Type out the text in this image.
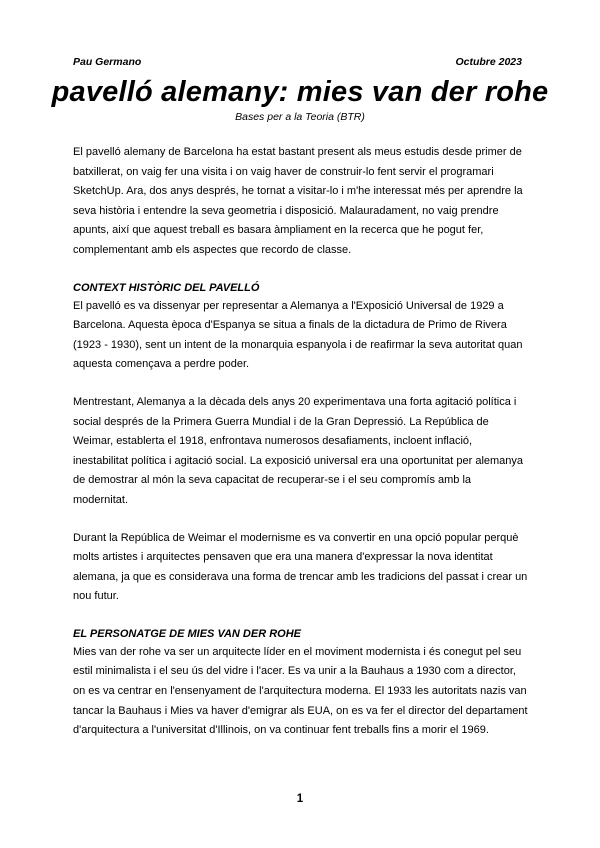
Pau Germano	Octubre 2023
pavelló alemany: mies van der rohe
Bases per a la Teoria (BTR)

El pavelló alemany de Barcelona ha estat bastant present als meus estudis desde primer de batxillerat, on vaig fer una visita i on vaig haver de construir-lo fent servir el programari SketchUp. Ara, dos anys després, he tornat a visitar-lo i m'he interessat més per aprendre la seva història i entendre la seva geometria i disposició. Malauradament, no vaig prendre apunts, així que aquest treball es basara àmpliament en la recerca que he pogut fer, complementant amb els aspectes que recordo de classe.

CONTEXT HISTÒRIC DEL PAVELLÓ

El pavelló es va dissenyar per representar a Alemanya a l'Exposició Universal de 1929 a Barcelona. Aquesta època d'Espanya se situa a finals de la dictadura de Primo de Rivera (1923 - 1930), sent un intent de la monarquia espanyola i de reafirmar la seva autoritat quan aquesta començava a perdre poder.

Mentrestant, Alemanya a la dècada dels anys 20 experimentava una forta agitació política i social després de la Primera Guerra Mundial i de la Gran Depressió. La República de Weimar, establerta el 1918, enfrontava numerosos desafiaments, incloent inflació, inestabilitat política i agitació social. La exposició universal era una oportunitat per alemanya de demostrar al món la seva capacitat de recuperar-se i el seu compromís amb la modernitat.

Durant la República de Weimar el modernisme es va convertir en una opció popular perquè molts artistes i arquitectes pensaven que era una manera d'expressar la nova identitat alemana, ja que es considerava una forma de trencar amb les tradicions del passat i crear un nou futur.

EL PERSONATGE DE MIES VAN DER ROHE

Mies van der rohe va ser un arquitecte líder en el moviment modernista i és conegut pel seu estil minimalista i el seu ús del vidre i l'acer. Es va unir a la Bauhaus a 1930 com a director, on es va centrar en l'ensenyament de l'arquitectura moderna. El 1933 les autoritats nazis van tancar la Bauhaus i Mies va haver d'emigrar als EUA, on es va fer el director del departament d'arquitectura a l'universitat d'Illinois, on va continuar fent treballs fins a morir el 1969.

1
